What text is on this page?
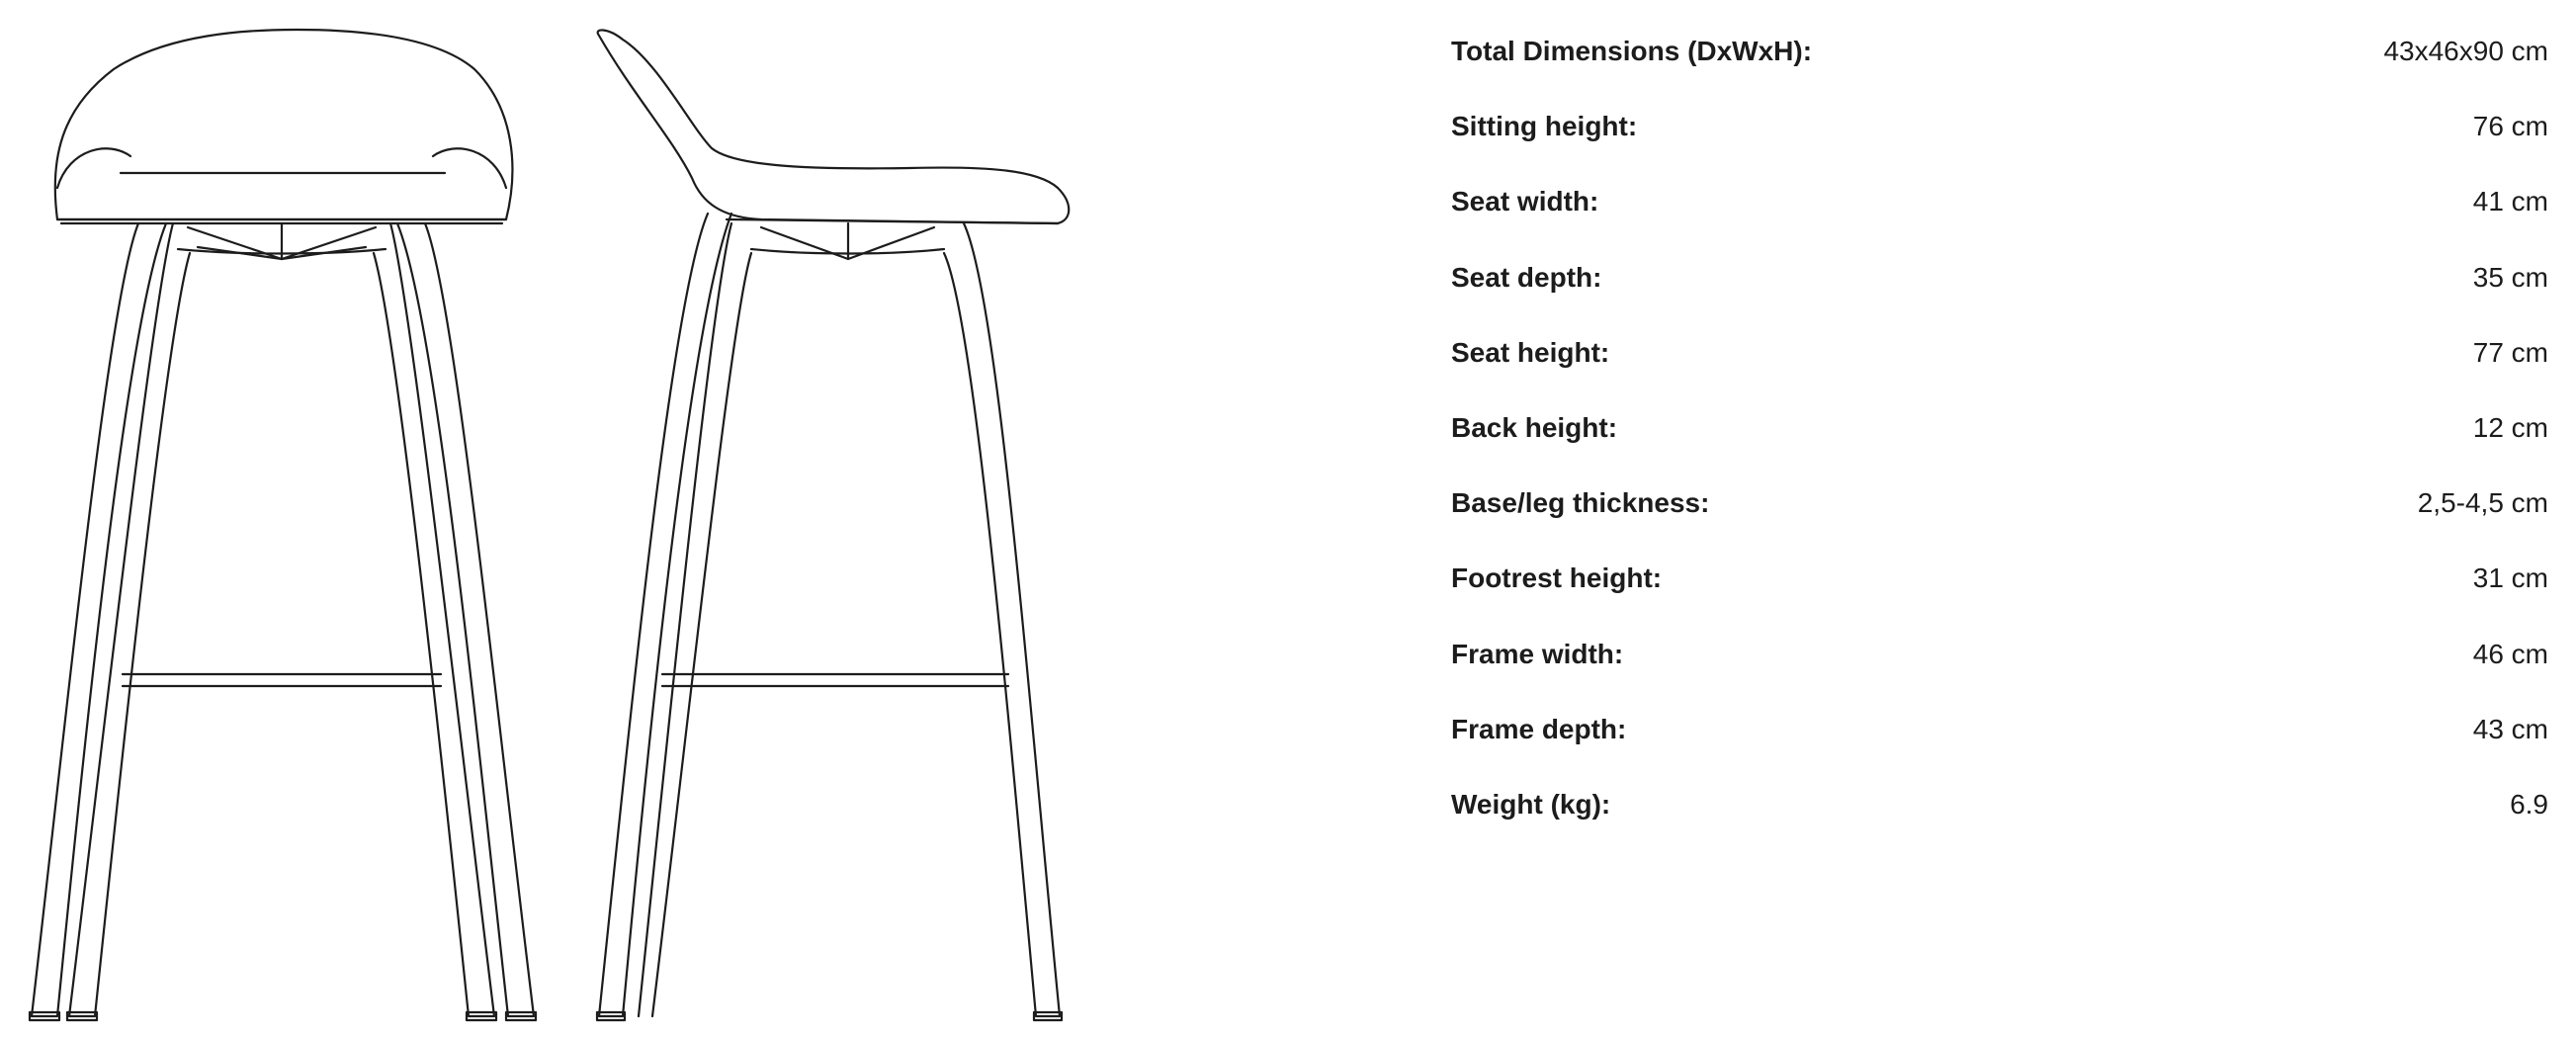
Total Dimensions (DxWxH):	43x46x90 cm
Sitting height:	76 cm
Seat width:	41 cm
Seat depth:	35 cm
Seat height:	77 cm
Back height:	12 cm
Base/leg thickness:	2,5-4,5 cm
Footrest height:	31 cm
Frame width:	46 cm
Frame depth:	43 cm
Weight (kg):	6.9
